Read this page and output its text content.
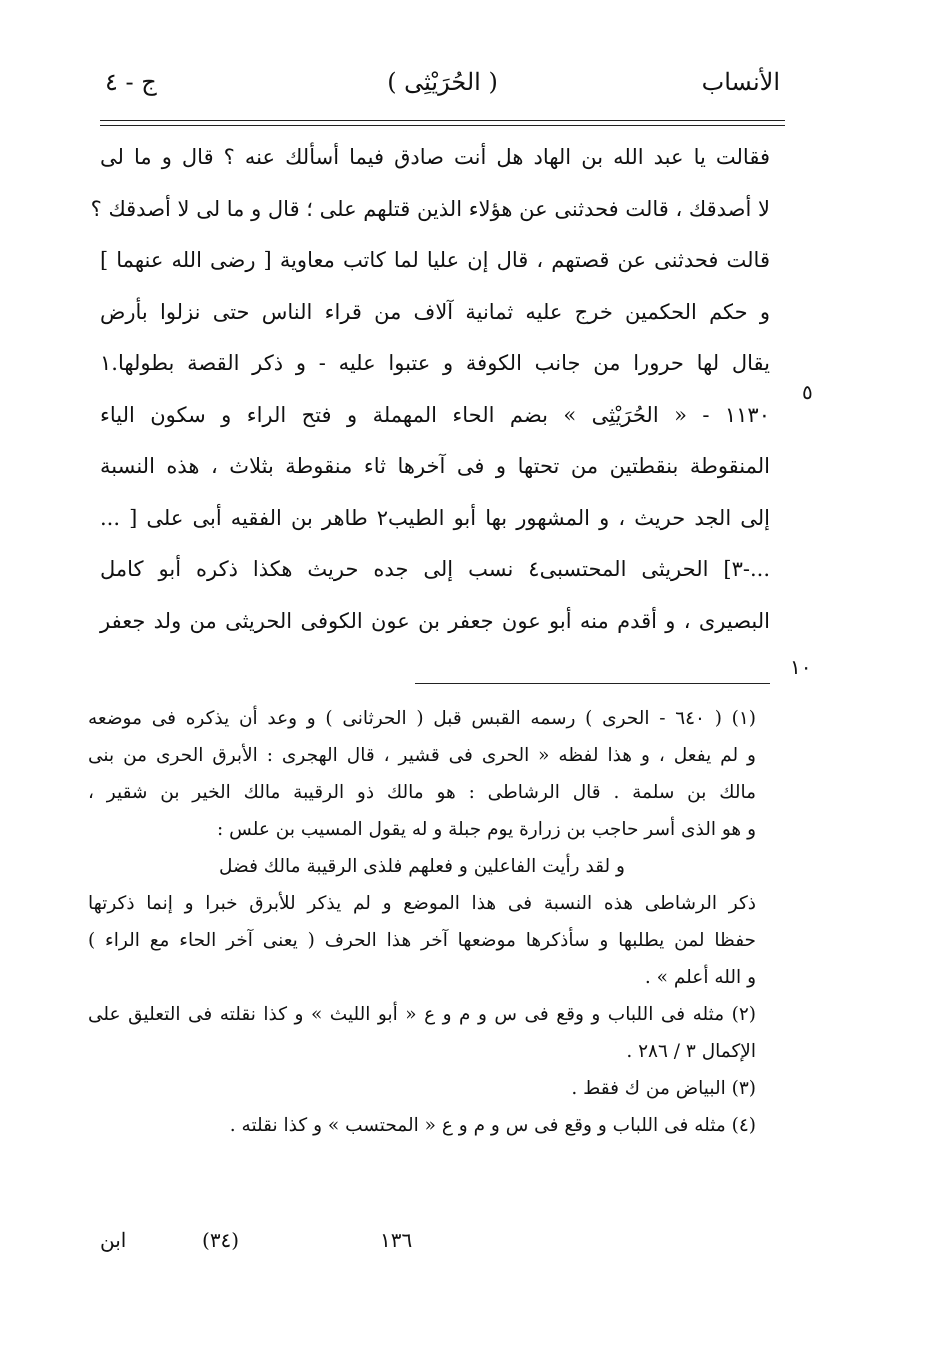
الأنساب
( الحُرَيْثِى )
ج - ٤
فقالت يا عبد الله بن الهاد هل أنت صادق فيما أسألك عنه ؟ قال و ما لى
لا أصدقك ، قالت فحدثنى عن هؤلاء الذين قتلهم على ؛ قال و ما لى لا أصدقك ؟
قالت فحدثنى عن قصتهم ، قال إن عليا لما كاتب معاوية [ رضى الله عنهما ]
و حكم الحكمين خرج عليه ثمانية آلاف من قراء الناس حتى نزلوا بأرض
يقال لها حرورا من جانب الكوفة و عتبوا عليه - و ذكر القصة بطولها.١
١١٣٠ - « الحُرَيْثِى » بضم الحاء المهملة و فتح الراء و سكون الياء
المنقوطة بنقطتين من تحتها و فى آخرها ثاء منقوطة بثلاث ، هذه النسبة
إلى الجد حريث ، و المشهور بها أبو الطيب٢ طاهر بن الفقيه أبى على [ ...
...-٣] الحريثى المحتسبى٤ نسب إلى جده حريث هكذا ذكره أبو كامل
البصيرى ، و أقدم منه أبو عون جعفر بن عون الكوفى الحريثى من ولد جعفر
٥
١٠
(١) ( ٦٤٠ - الحرى ) رسمه القبس قبل ( الحرثانى ) و وعد أن يذكره فى موضعه
و لم يفعل ، و هذا لفظه « الحرى فى قشير ، قال الهجرى : الأبرق الحرى من بنى
مالك بن سلمة . قال الرشاطى : هو مالك ذو الرقيبة مالك الخير بن شقير ،
و هو الذى أسر حاجب بن زرارة يوم جبلة و له يقول المسيب بن علس :
و لقد رأيت الفاعلين و فعلهم فلذى الرقيبة مالك فضل
ذكر الرشاطى هذه النسبة فى هذا الموضع و لم يذكر للأبرق خبرا و إنما ذكرتها
حفظا لمن يطلبها و سأذكرها موضعها آخر هذا الحرف ( يعنى آخر الحاء مع الراء )
و الله أعلم » .
(٢) مثله فى اللباب و وقع فى س و م و ع « أبو الليث » و كذا نقلته فى التعليق على
الإكمال ٣ / ٢٨٦ .
(٣) البياض من ك فقط .
(٤) مثله فى اللباب و وقع فى س و م و ع « المحتسب » و كذا نقلته .
١٣٦
(٣٤)
ابن
